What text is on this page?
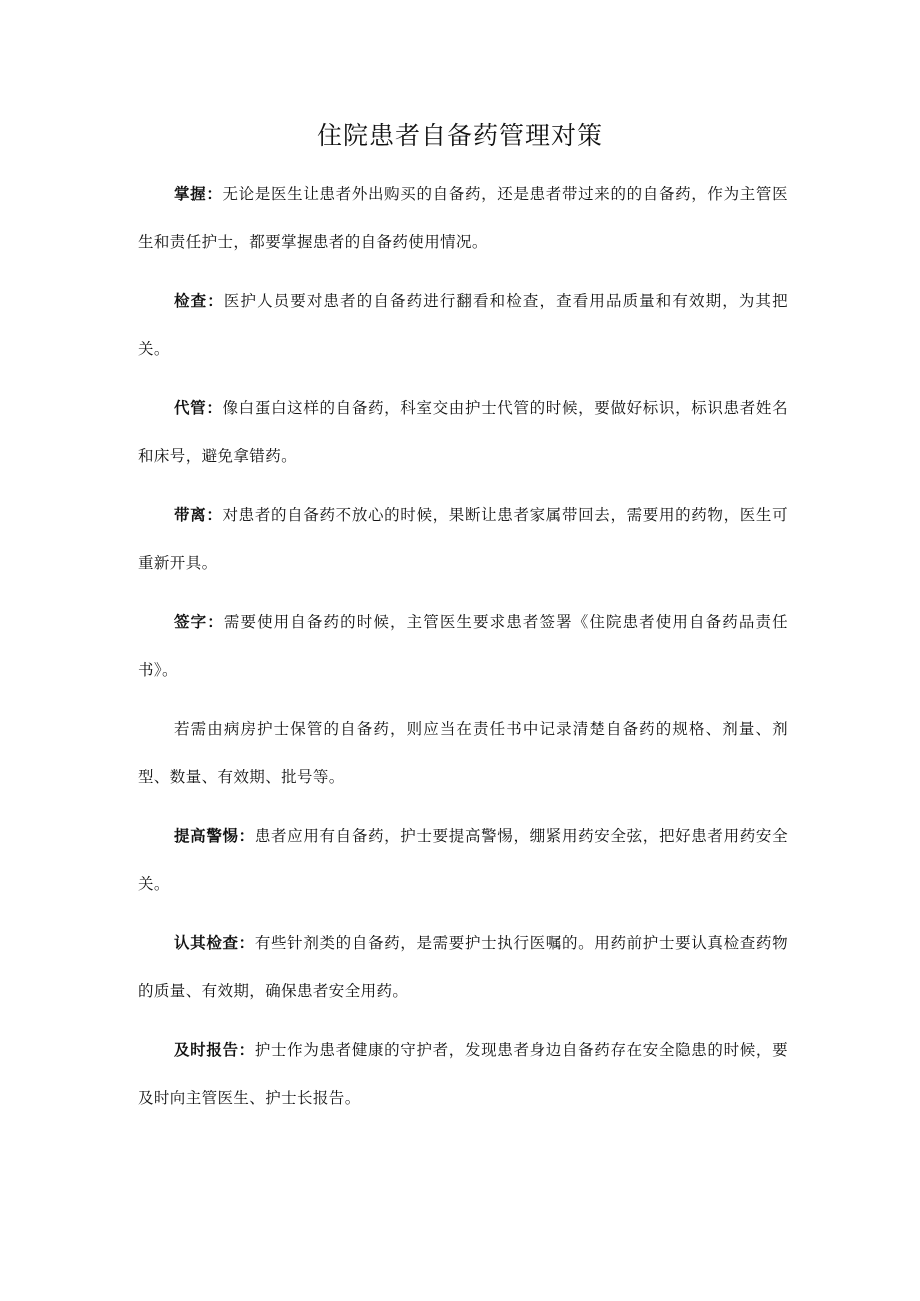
住院患者自备药管理对策

掌握：无论是医生让患者外出购买的自备药，还是患者带过来的的自备药，作为主管医生和责任护士，都要掌握患者的自备药使用情况。

检查：医护人员要对患者的自备药进行翻看和检查，查看用品质量和有效期，为其把关。

代管：像白蛋白这样的自备药，科室交由护士代管的时候，要做好标识，标识患者姓名和床号，避免拿错药。

带离：对患者的自备药不放心的时候，果断让患者家属带回去，需要用的药物，医生可重新开具。

签字：需要使用自备药的时候，主管医生要求患者签署《住院患者使用自备药品责任书》。

若需由病房护士保管的自备药，则应当在责任书中记录清楚自备药的规格、剂量、剂型、数量、有效期、批号等。

提高警惕：患者应用有自备药，护士要提高警惕，绷紧用药安全弦，把好患者用药安全关。

认其检查：有些针剂类的自备药，是需要护士执行医嘱的。用药前护士要认真检查药物的质量、有效期，确保患者安全用药。

及时报告：护士作为患者健康的守护者，发现患者身边自备药存在安全隐患的时候，要及时向主管医生、护士长报告。
